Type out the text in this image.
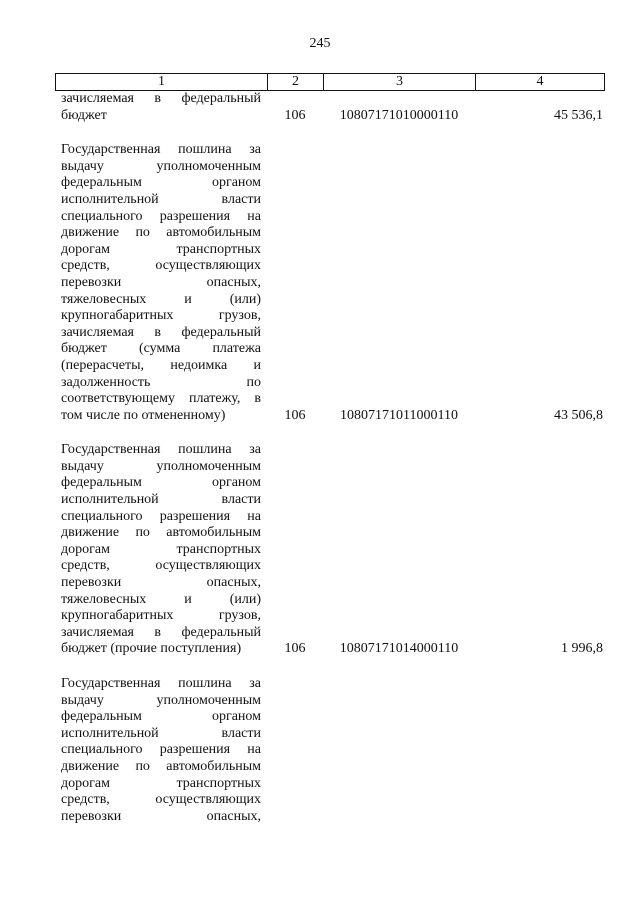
245
1	2	3	4
зачисляемая в федеральный
бюджет	106	10807171010000110	45 536,1
Государственная пошлина за
выдачу уполномоченным
федеральным органом
исполнительной власти
специального разрешения на
движение по автомобильным
дорогам транспортных
средств, осуществляющих
перевозки опасных,
тяжеловесных и (или)
крупногабаритных грузов,
зачисляемая в федеральный
бюджет (сумма платежа
(перерасчеты, недоимка и
задолженность по
соответствующему платежу, в
том числе по отмененному)	106	10807171011000110	43 506,8
Государственная пошлина за
выдачу уполномоченным
федеральным органом
исполнительной власти
специального разрешения на
движение по автомобильным
дорогам транспортных
средств, осуществляющих
перевозки опасных,
тяжеловесных и (или)
крупногабаритных грузов,
зачисляемая в федеральный
бюджет (прочие поступления)	106	10807171014000110	1 996,8
Государственная пошлина за
выдачу уполномоченным
федеральным органом
исполнительной власти
специального разрешения на
движение по автомобильным
дорогам транспортных
средств, осуществляющих
перевозки опасных,
